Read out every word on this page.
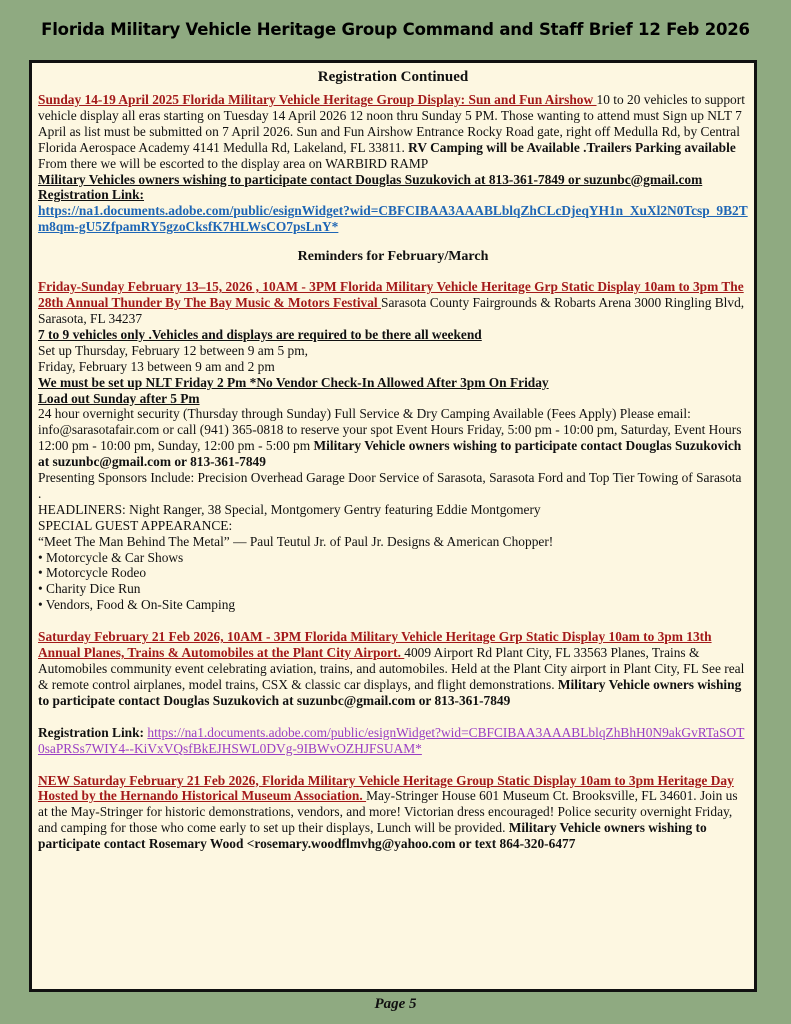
Florida Military Vehicle Heritage Group Command and Staff Brief 12 Feb 2026
Registration Continued

Sunday 14-19 April 2025 Florida Military Vehicle Heritage Group Display: Sun and Fun Airshow 10 to 20 vehicles to support vehicle display all eras starting on Tuesday 14 April 2026 12 noon thru Sunday 5 PM. Those wanting to attend must Sign up NLT 7 April as list must be submitted on 7 April 2026. Sun and Fun Airshow Entrance Rocky Road gate, right off Medulla Rd, by Central Florida Aerospace Academy 4141 Medulla Rd, Lakeland, FL 33811. RV Camping will be Available .Trailers Parking available From there we will be escorted to the display area on WARBIRD RAMP

Military Vehicles owners wishing to participate contact Douglas Suzukovich at 813-361-7849 or suzunbc@gmail.com Registration Link:

https://na1.documents.adobe.com/public/esignWidget?wid=CBFCIBAA3AAABLblqZhCLcDjeqYH1n_XuXl2N0Tcsp_9B2Tm8qm-gU5ZfpamRY5gzoCksfK7HLWsCO7psLnY*

Reminders for February/March

Friday-Sunday February 13–15, 2026 , 10AM - 3PM Florida Military Vehicle Heritage Grp Static Display 10am to 3pm The 28th Annual Thunder By The Bay Music & Motors Festival Sarasota County Fairgrounds & Robarts Arena 3000 Ringling Blvd, Sarasota, FL 34237

7 to 9 vehicles only .Vehicles and displays are required to be there all weekend

Set up Thursday, February 12 between 9 am 5 pm,

Friday, February 13 between 9 am and 2 pm

We must be set up NLT Friday 2 Pm *No Vendor Check-In Allowed After 3pm On Friday

Load out Sunday after 5 Pm

24 hour overnight security (Thursday through Sunday) Full Service & Dry Camping Available (Fees Apply) Please email: info@sarasotafair.com or call (941) 365-0818 to reserve your spot Event Hours Friday, 5:00 pm - 10:00 pm, Saturday, Event Hours 12:00 pm - 10:00 pm, Sunday, 12:00 pm - 5:00 pm Military Vehicle owners wishing to participate contact Douglas Suzukovich at suzunbc@gmail.com or 813-361-7849

Presenting Sponsors Include: Precision Overhead Garage Door Service of Sarasota, Sarasota Ford and Top Tier Towing of Sarasota .

HEADLINERS: Night Ranger, 38 Special, Montgomery Gentry featuring Eddie Montgomery

SPECIAL GUEST APPEARANCE:

“Meet The Man Behind The Metal” — Paul Teutul Jr. of Paul Jr. Designs & American Chopper!

• Motorcycle & Car Shows

• Motorcycle Rodeo

• Charity Dice Run

• Vendors, Food & On-Site Camping

Saturday February 21 Feb 2026, 10AM - 3PM Florida Military Vehicle Heritage Grp Static Display 10am to 3pm 13th Annual Planes, Trains & Automobiles at the Plant City Airport. 4009 Airport Rd Plant City, FL 33563 Planes, Trains & Automobiles community event celebrating aviation, trains, and automobiles. Held at the Plant City airport in Plant City, FL See real & remote control airplanes, model trains, CSX & classic car displays, and flight demonstrations. Military Vehicle owners wishing to participate contact Douglas Suzukovich at suzunbc@gmail.com or 813-361-7849

Registration Link: https://na1.documents.adobe.com/public/esignWidget?wid=CBFCIBAA3AAABLblqZhBhH0N9akGvRTaSOT0saPRSs7WIY4--KiVxVQsfBkEJHSWL0DVg-9IBWvOZHJFSUAM*

NEW Saturday February 21 Feb 2026, Florida Military Vehicle Heritage Group Static Display 10am to 3pm Heritage Day Hosted by the Hernando Historical Museum Association. May-Stringer House 601 Museum Ct. Brooksville, FL 34601. Join us at the May-Stringer for historic demonstrations, vendors, and more! Victorian dress encouraged! Police security overnight Friday, and camping for those who come early to set up their displays, Lunch will be provided. Military Vehicle owners wishing to participate contact Rosemary Wood <rosemary.woodflmvhg@yahoo.com or text 864-320-6477

Page 5
